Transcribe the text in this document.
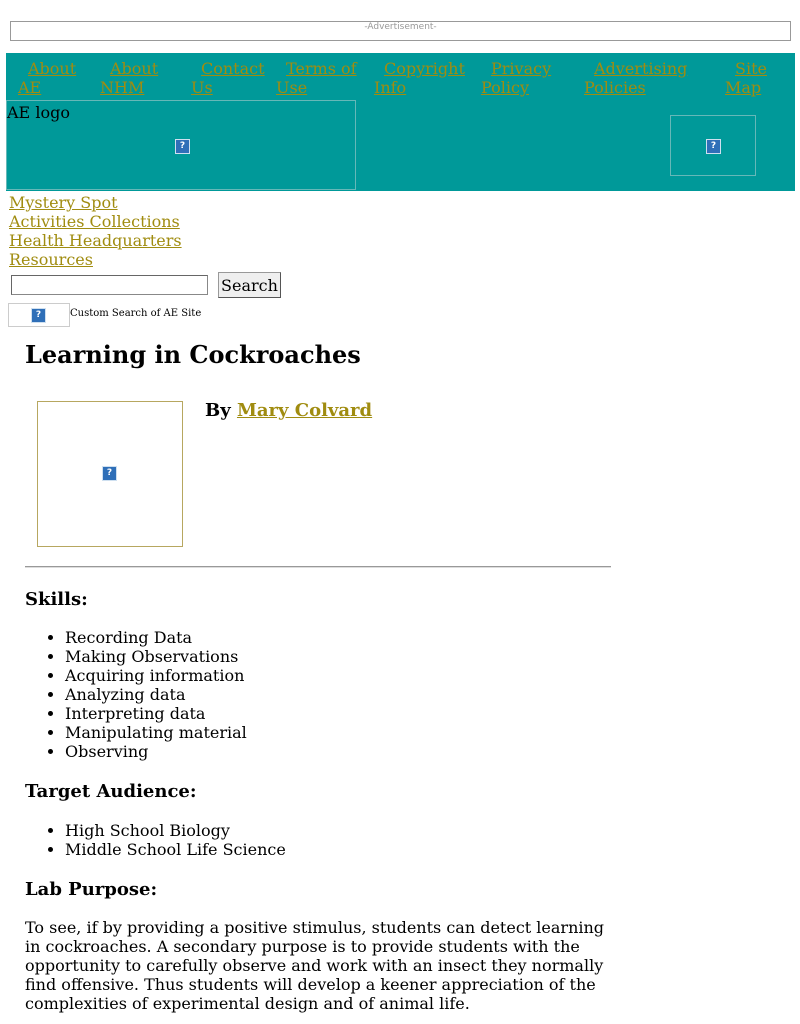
-Advertisement-
About
AE
About
NHM
Contact
Us
Terms of
Use
Copyright
Info
Privacy
Policy
Advertising
Policies
Site
Map
AE logo
?	?
Mystery Spot
Activities Collections
Health Headquarters
Resources
Search
?	Custom Search of AE Site
Learning in Cockroaches
?
By Mary Colvard
Skills:
• Recording Data
• Making Observations
• Acquiring information
• Analyzing data
• Interpreting data
• Manipulating material
• Observing
Target Audience:
• High School Biology
• Middle School Life Science
Lab Purpose:

To see, if by providing a positive stimulus, students can detect learning in cockroaches. A secondary purpose is to provide students with the opportunity to carefully observe and work with an insect they normally find offensive. Thus students will develop a keener appreciation of the complexities of experimental design and of animal life.
